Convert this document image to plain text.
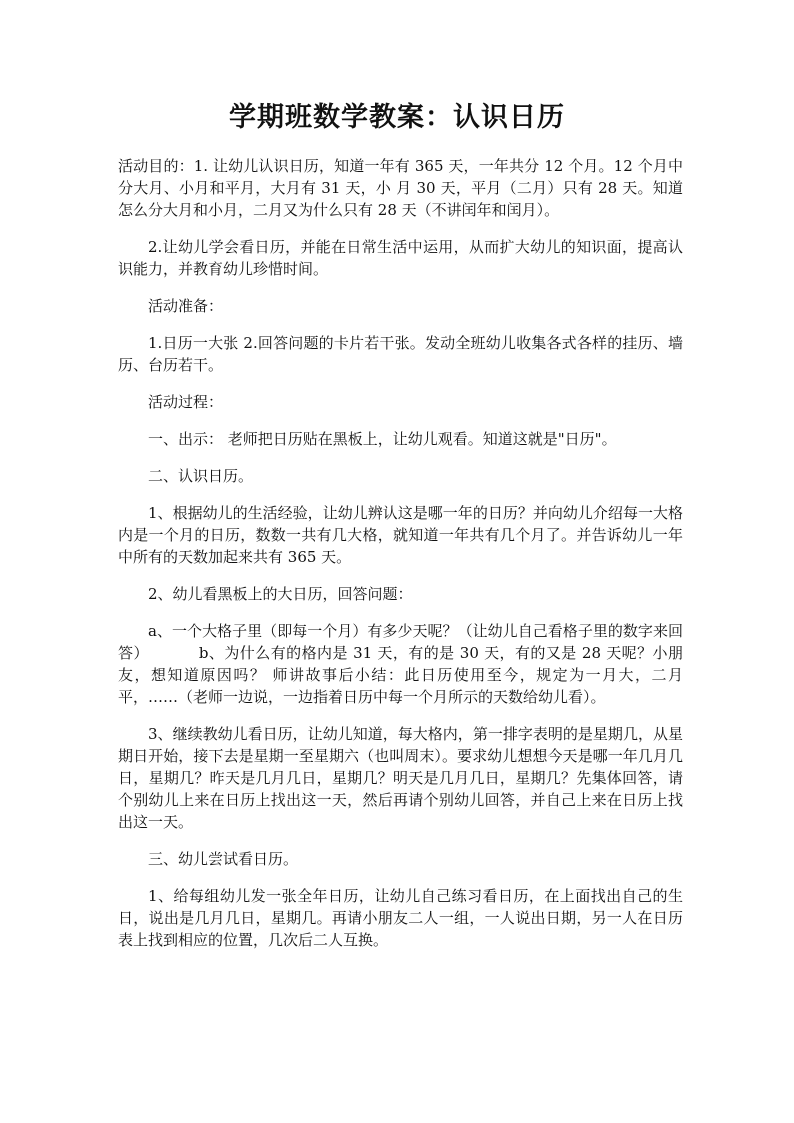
学期班数学教案：认识日历

活动目的：1. 让幼儿认识日历，知道一年有 365 天，一年共分 12 个月。12 个月中分大月、小月和平月，大月有 31 天，小 月 30 天，平月（二月）只有 28 天。知道怎么分大月和小月，二月又为什么只有 28 天（不讲闰年和闰月）。

2.让幼儿学会看日历，并能在日常生活中运用，从而扩大幼儿的知识面，提高认识能力，并教育幼儿珍惜时间。

活动准备：

1.日历一大张 2.回答问题的卡片若干张。发动全班幼儿收集各式各样的挂历、墙历、台历若干。

活动过程：

一、出示： 老师把日历贴在黑板上，让幼儿观看。知道这就是"日历"。

二、认识日历。

1、根据幼儿的生活经验，让幼儿辨认这是哪一年的日历？并向幼儿介绍每一大格内是一个月的日历，数数一共有几大格，就知道一年共有几个月了。并告诉幼儿一年中所有的天数加起来共有 365 天。

2、幼儿看黑板上的大日历，回答问题：

a、一个大格子里（即每一个月）有多少天呢？（让幼儿自己看格子里的数字来回答）	b、为什么有的格内是 31 天，有的是 30 天，有的又是 28 天呢？小朋友，想知道原因吗？ 师讲故事后小结：此日历使用至今，规定为一月大，二月平，……（老师一边说，一边指着日历中每一个月所示的天数给幼儿看）。

3、继续教幼儿看日历，让幼儿知道，每大格内，第一排字表明的是星期几，从星期日开始，接下去是星期一至星期六（也叫周末）。要求幼儿想想今天是哪一年几月几日，星期几？昨天是几月几日，星期几？明天是几月几日，星期几？先集体回答，请个别幼儿上来在日历上找出这一天，然后再请个别幼儿回答，并自己上来在日历上找出这一天。

三、幼儿尝试看日历。

1、给每组幼儿发一张全年日历，让幼儿自己练习看日历，在上面找出自己的生日，说出是几月几日，星期几。再请小朋友二人一组，一人说出日期，另一人在日历表上找到相应的位置，几次后二人互换。
